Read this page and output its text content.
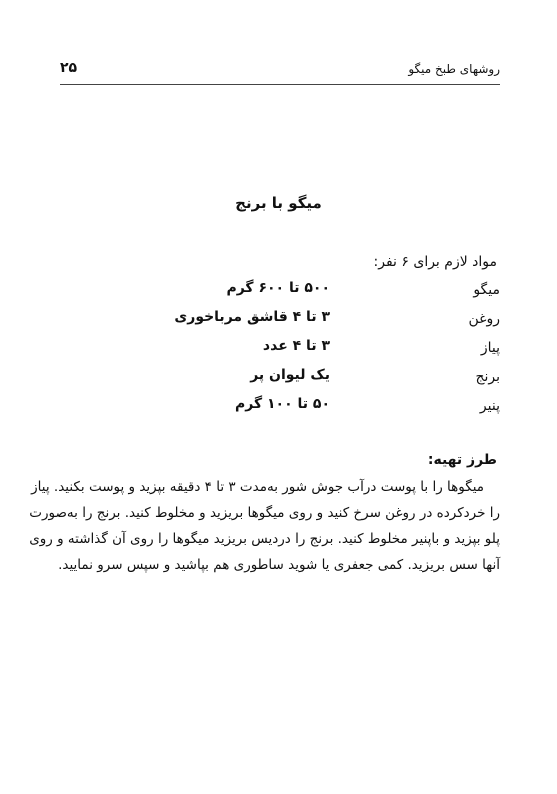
۲۵	روشهای طبخ میگو
میگو با برنج
مواد لازم برای ۶ نفر:
میگو
۵۰۰ تا ۶۰۰ گرم
روغن
۳ تا ۴ قاشق مرباخوری
پیاز
۳ تا ۴ عدد
برنج
یک لیوان پر
پنیر
۵۰ تا ۱۰۰ گرم
طرز تهیه:
میگوها را با پوست درآب جوش شور به‌مدت ۳ تا ۴ دقیقه بپزید و پوست بکنید. پیاز
را خردکرده در روغن سرخ کنید و روی میگوها بریزید و مخلوط کنید. برنج را به‌صورت
پلو بپزید و باپنیر مخلوط کنید. برنج را دردیس بریزید میگوها را روی آن گذاشته و روی
آنها سس بریزید. کمی جعفری یا شوید ساطوری هم بپاشید و سپس سرو نمایید.
